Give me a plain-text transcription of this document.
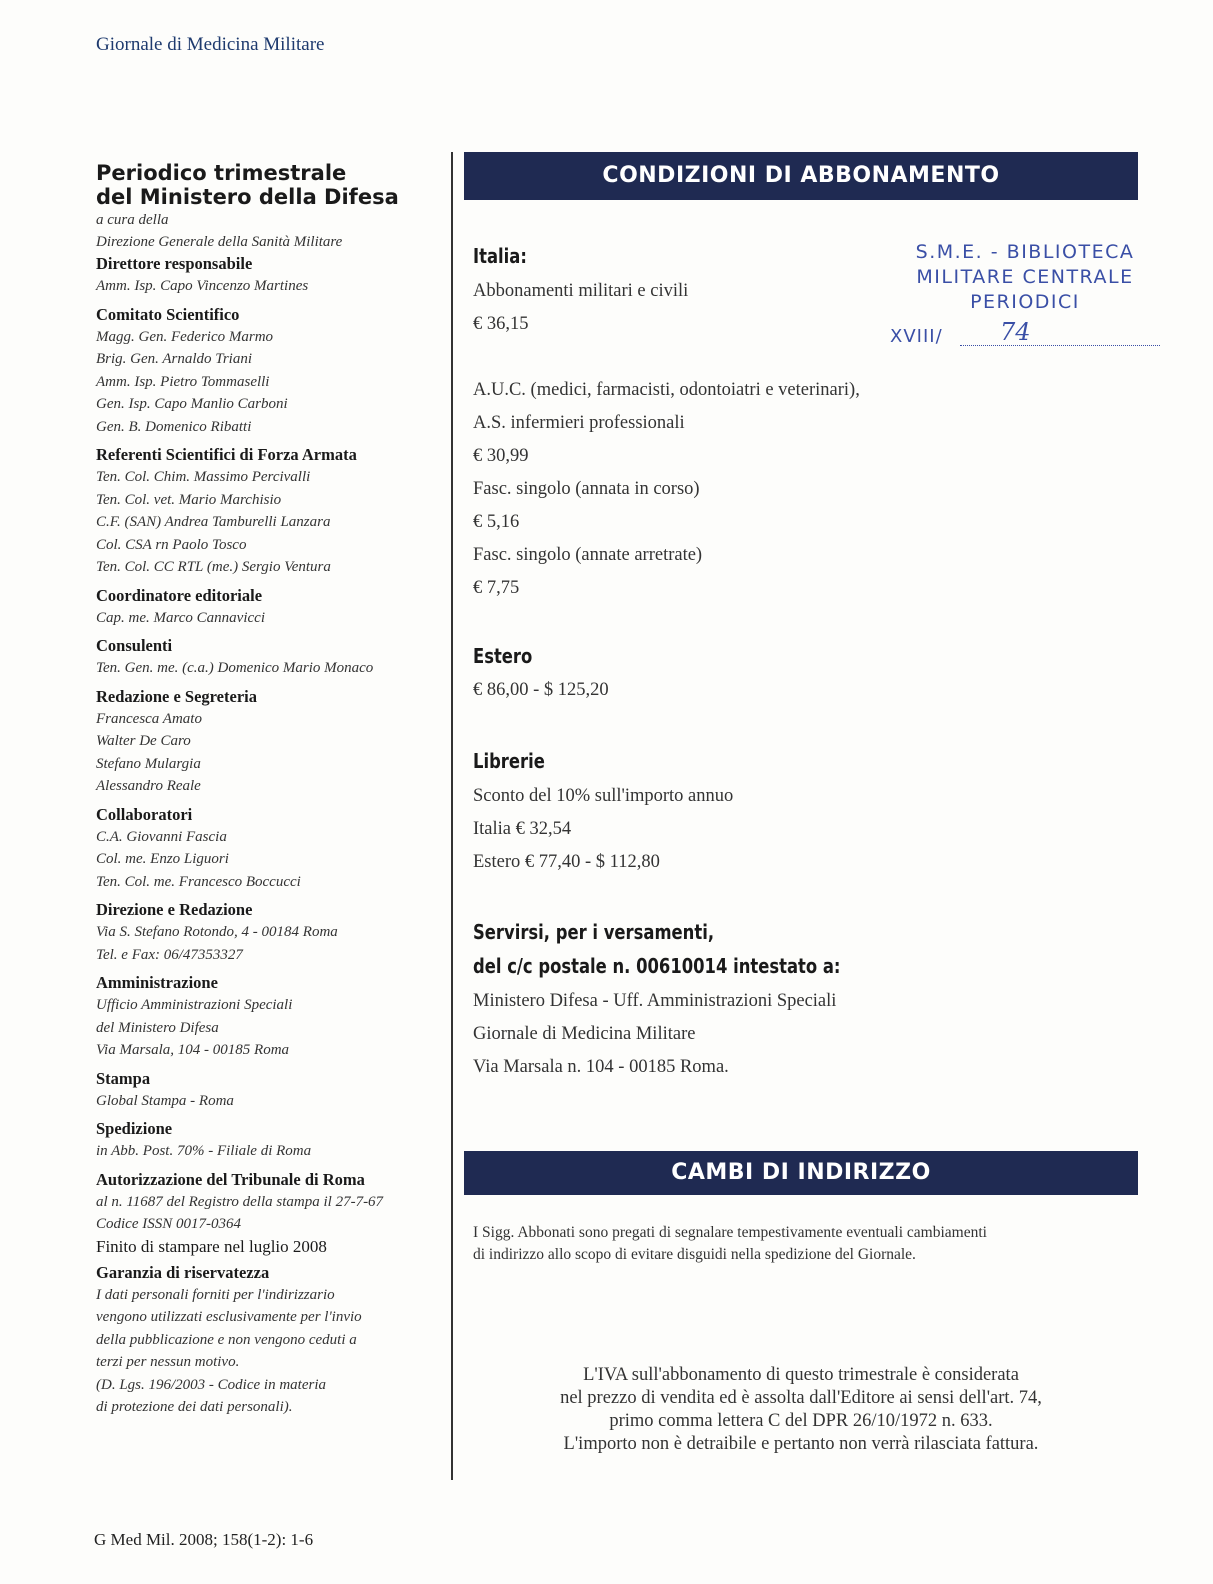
Giornale di Medicina Militare
Periodico trimestrale
del Ministero della Difesa
a cura della
Direzione Generale della Sanità Militare
Direttore responsabile
Amm. Isp. Capo Vincenzo Martines
Comitato Scientifico
Magg. Gen. Federico Marmo
Brig. Gen. Arnaldo Triani
Amm. Isp. Pietro Tommaselli
Gen. Isp. Capo Manlio Carboni
Gen. B. Domenico Ribatti
Referenti Scientifici di Forza Armata
Ten. Col. Chim. Massimo Percivalli
Ten. Col. vet. Mario Marchisio
C.F. (SAN) Andrea Tamburelli Lanzara
Col. CSA rn Paolo Tosco
Ten. Col. CC RTL (me.) Sergio Ventura
Coordinatore editoriale
Cap. me. Marco Cannavicci
Consulenti
Ten. Gen. me. (c.a.) Domenico Mario Monaco
Redazione e Segreteria
Francesca Amato
Walter De Caro
Stefano Mulargia
Alessandro Reale
Collaboratori
C.A. Giovanni Fascia
Col. me. Enzo Liguori
Ten. Col. me. Francesco Boccucci
Direzione e Redazione
Via S. Stefano Rotondo, 4 - 00184 Roma
Tel. e Fax: 06/47353327
Amministrazione
Ufficio Amministrazioni Speciali
del Ministero Difesa
Via Marsala, 104 - 00185 Roma
Stampa
Global Stampa - Roma
Spedizione
in Abb. Post. 70% - Filiale di Roma
Autorizzazione del Tribunale di Roma
al n. 11687 del Registro della stampa il 27-7-67
Codice ISSN 0017-0364
Finito di stampare nel luglio 2008
Garanzia di riservatezza
I dati personali forniti per l'indirizzario
vengono utilizzati esclusivamente per l'invio
della pubblicazione e non vengono ceduti a
terzi per nessun motivo.
(D. Lgs. 196/2003 - Codice in materia
di protezione dei dati personali).
CONDIZIONI DI ABBONAMENTO
Italia:
Abbonamenti militari e civili
€ 36,15
A.U.C. (medici, farmacisti, odontoiatri e veterinari),
A.S. infermieri professionali
€ 30,99
Fasc. singolo (annata in corso)
€ 5,16
Fasc. singolo (annate arretrate)
€ 7,75
Estero
€ 86,00 - $ 125,20
Librerie
Sconto del 10% sull'importo annuo
Italia € 32,54
Estero € 77,40 - $ 112,80
Servirsi, per i versamenti,
del c/c postale n. 00610014 intestato a:
Ministero Difesa - Uff. Amministrazioni Speciali
Giornale di Medicina Militare
Via Marsala n. 104 - 00185 Roma.
S.M.E. - BIBLIOTECA
MILITARE CENTRALE
PERIODICI
XVIII/ 74
CAMBI DI INDIRIZZO
I Sigg. Abbonati sono pregati di segnalare tempestivamente eventuali cambiamenti
di indirizzo allo scopo di evitare disguidi nella spedizione del Giornale.
L'IVA sull'abbonamento di questo trimestrale è considerata
nel prezzo di vendita ed è assolta dall'Editore ai sensi dell'art. 74,
primo comma lettera C del DPR 26/10/1972 n. 633.
L'importo non è detraibile e pertanto non verrà rilasciata fattura.
G Med Mil. 2008; 158(1-2): 1-6
